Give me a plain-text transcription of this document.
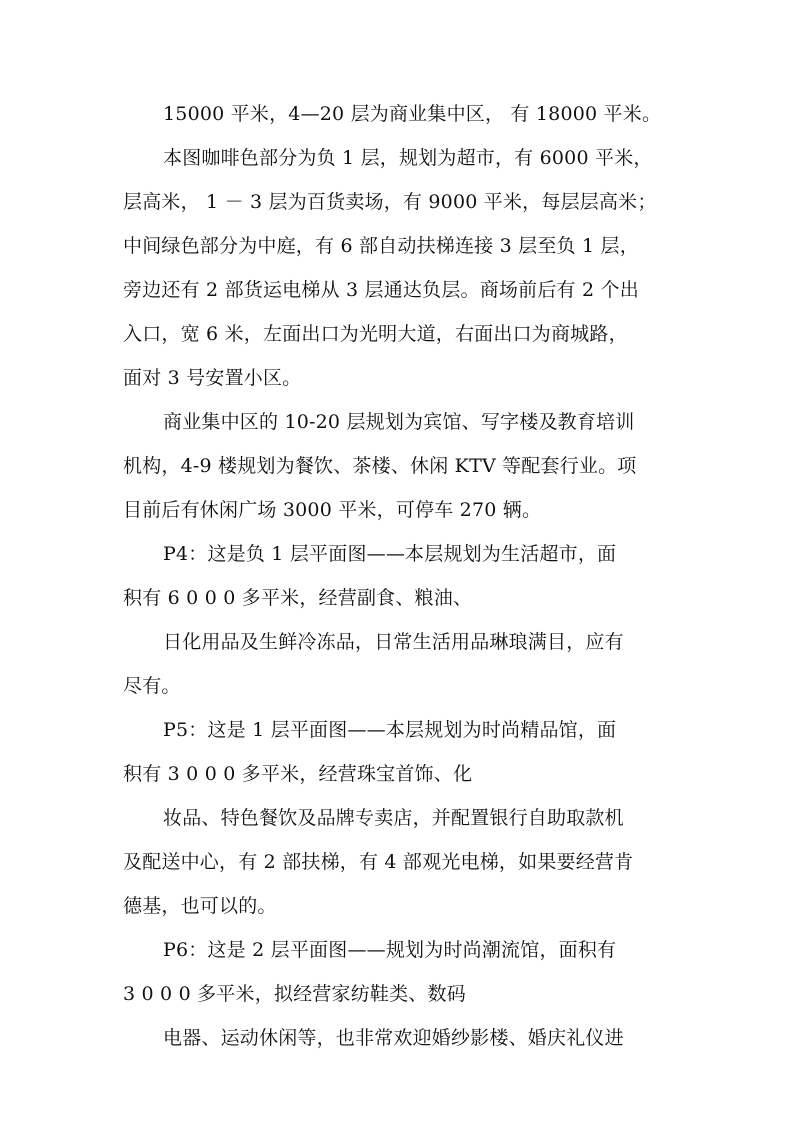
15000 平米，4—20 层为商业集中区， 有 18000 平米。
本图咖啡色部分为负 1 层，规划为超市，有 6000 平米，
层高米， 1 － 3 层为百货卖场，有 9000 平米，每层层高米；
中间绿色部分为中庭，有 6 部自动扶梯连接 3 层至负 1 层，
旁边还有 2 部货运电梯从 3 层通达负层。商场前后有 2 个出
入口，宽 6 米，左面出口为光明大道，右面出口为商城路，
面对 3 号安置小区。
商业集中区的 10-20 层规划为宾馆、写字楼及教育培训
机构，4-9 楼规划为餐饮、茶楼、休闲 KTV 等配套行业。项
目前后有休闲广场 3000 平米，可停车 270 辆。
P4：这是负 1 层平面图——本层规划为生活超市，面
积有 6 0 0 0 多平米，经营副食、粮油、
日化用品及生鲜冷冻品，日常生活用品琳琅满目，应有
尽有。
P5：这是 1 层平面图——本层规划为时尚精品馆，面
积有 3 0 0 0 多平米，经营珠宝首饰、化
妆品、特色餐饮及品牌专卖店，并配置银行自助取款机
及配送中心，有 2 部扶梯，有 4 部观光电梯，如果要经营肯
德基，也可以的。
P6：这是 2 层平面图——规划为时尚潮流馆，面积有
3 0 0 0 多平米，拟经营家纺鞋类、数码
电器、运动休闲等，也非常欢迎婚纱影楼、婚庆礼仪进
